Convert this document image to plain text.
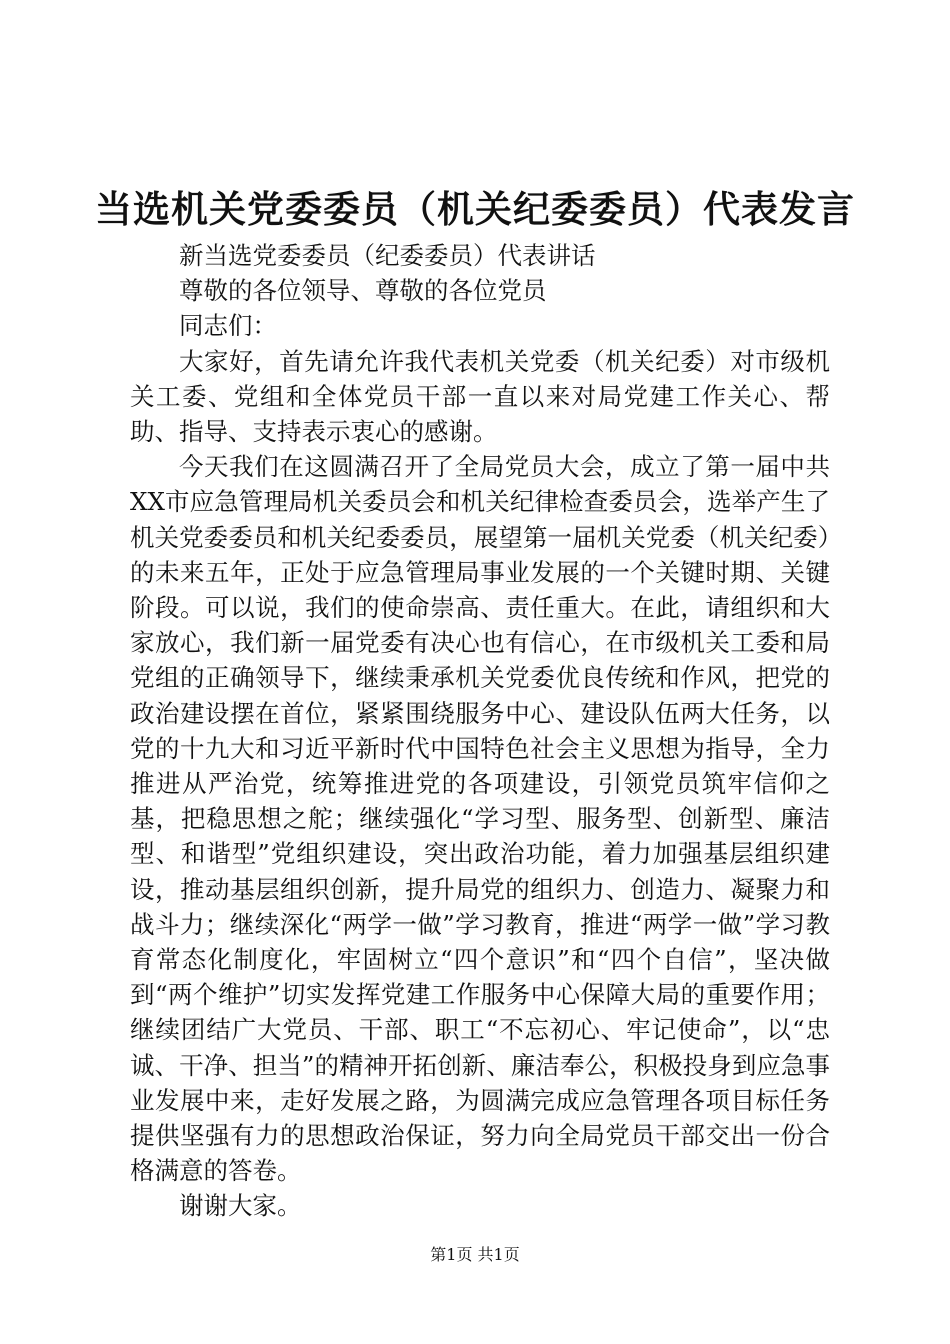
当选机关党委委员（机关纪委委员）代表发言

新当选党委委员（纪委委员）代表讲话

尊敬的各位领导、尊敬的各位党员

同志们：

大家好，首先请允许我代表机关党委（机关纪委）对市级机关工委、党组和全体党员干部一直以来对局党建工作关心、帮助、指导、支持表示衷心的感谢。

今天我们在这圆满召开了全局党员大会，成立了第一届中共XX市应急管理局机关委员会和机关纪律检查委员会，选举产生了机关党委委员和机关纪委委员，展望第一届机关党委（机关纪委）的未来五年，正处于应急管理局事业发展的一个关键时期、关键阶段。可以说，我们的使命崇高、责任重大。在此，请组织和大家放心，我们新一届党委有决心也有信心，在市级机关工委和局党组的正确领导下，继续秉承机关党委优良传统和作风，把党的政治建设摆在首位，紧紧围绕服务中心、建设队伍两大任务，以党的十九大和习近平新时代中国特色社会主义思想为指导，全力推进从严治党，统筹推进党的各项建设，引领党员筑牢信仰之基，把稳思想之舵；继续强化“学习型、服务型、创新型、廉洁型、和谐型”党组织建设，突出政治功能，着力加强基层组织建设，推动基层组织创新，提升局党的组织力、创造力、凝聚力和战斗力；继续深化“两学一做”学习教育，推进“两学一做”学习教育常态化制度化，牢固树立“四个意识”和“四个自信”，坚决做到“两个维护”切实发挥党建工作服务中心保障大局的重要作用；继续团结广大党员、干部、职工“不忘初心、牢记使命”，以“忠诚、干净、担当”的精神开拓创新、廉洁奉公，积极投身到应急事业发展中来，走好发展之路，为圆满完成应急管理各项目标任务提供坚强有力的思想政治保证，努力向全局党员干部交出一份合格满意的答卷。

谢谢大家。

第1页 共1页
